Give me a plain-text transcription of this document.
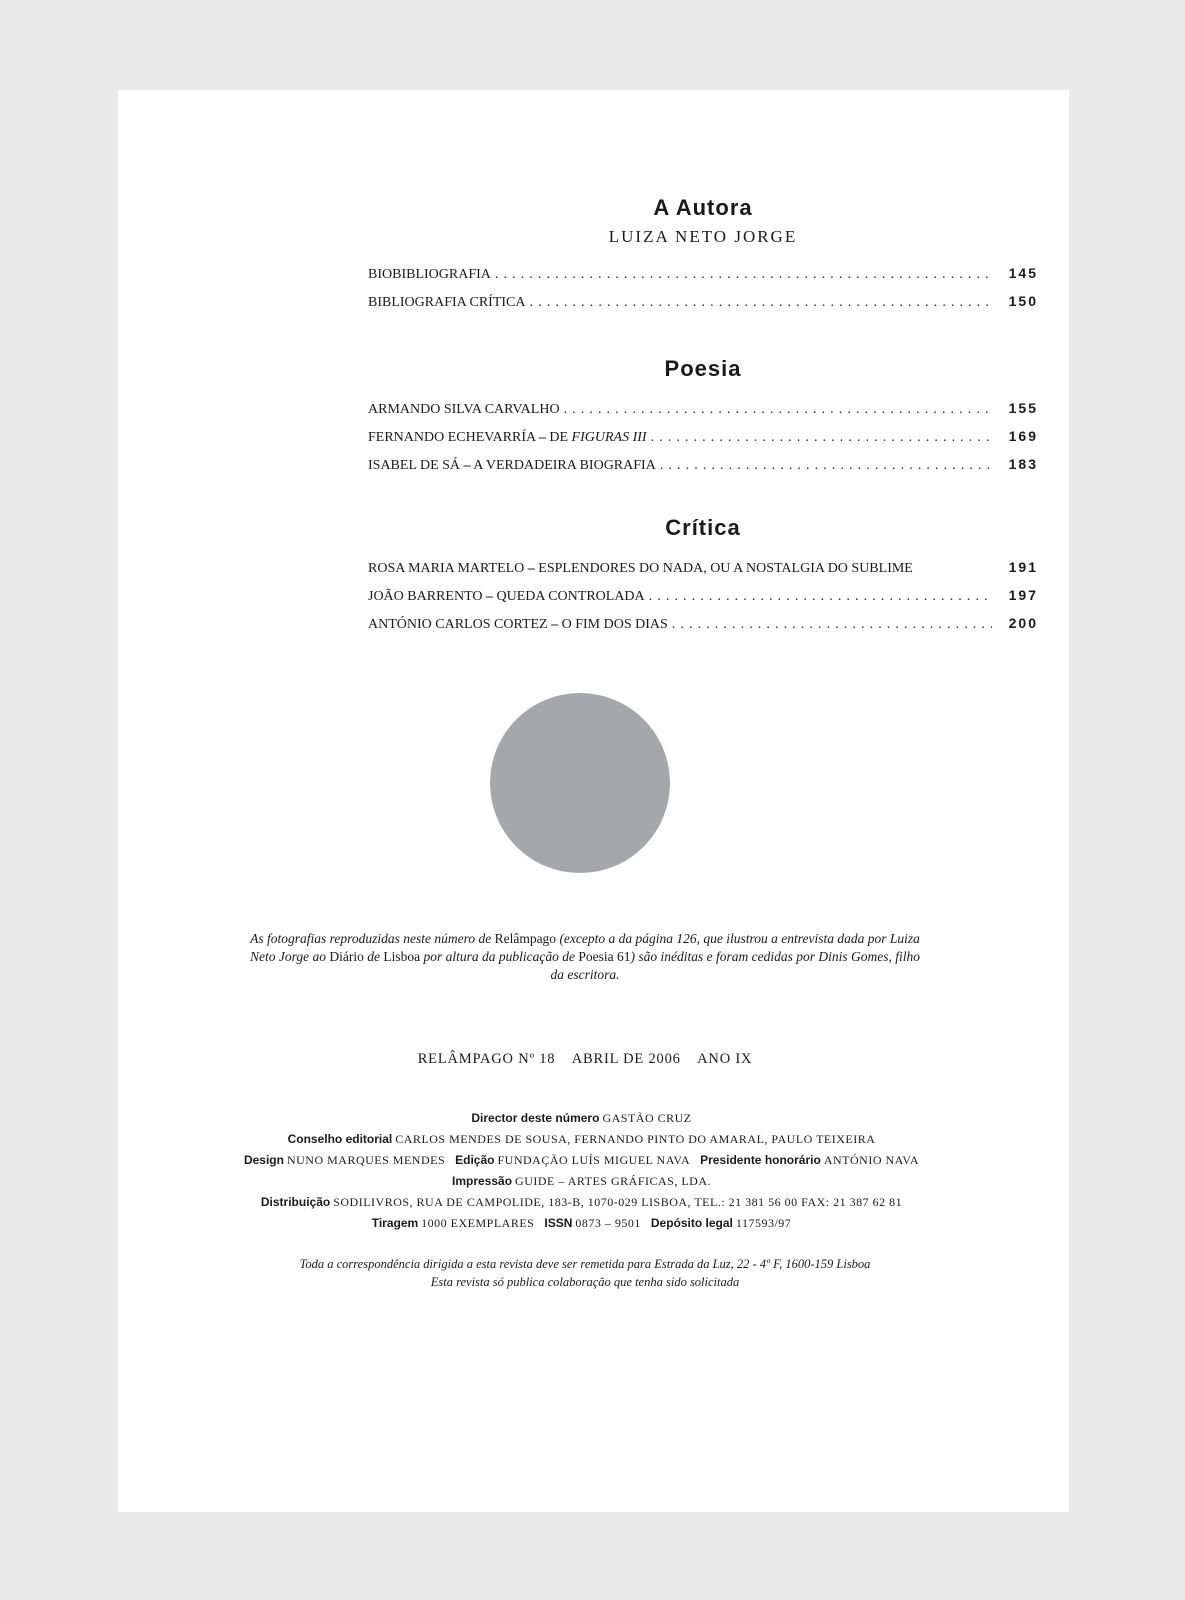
A Autora
LUIZA NETO JORGE
BIOBIBLIOGRAFIA . . .	145
BIBLIOGRAFIA CRÍTICA . . .	150
Poesia
ARMANDO SILVA CARVALHO . . .	155
FERNANDO ECHEVARRÍA – DE FIGURAS III . . .	169
ISABEL DE SÁ – A VERDADEIRA BIOGRAFIA . . .	183
Crítica
ROSA MARIA MARTELO – ESPLENDORES DO NADA, OU A NOSTALGIA DO SUBLIME	191
JOÃO BARRENTO – QUEDA CONTROLADA . . .	197
ANTÓNIO CARLOS CORTEZ – O FIM DOS DIAS . . .	200
As fotografias reproduzidas neste número de Relâmpago (excepto a da página 126, que ilustrou a entrevista dada por Luiza Neto Jorge ao Diário de Lisboa por altura da publicação de Poesia 61) são inéditas e foram cedidas por Dinis Gomes, filho da escritora.
RELÂMPAGO Nº 18 ABRIL DE 2006 ANO IX
Director deste número GASTÃO CRUZ
Conselho editorial CARLOS MENDES DE SOUSA, FERNANDO PINTO DO AMARAL, PAULO TEIXEIRA
Design NUNO MARQUES MENDES Edição FUNDAÇÃO LUÍS MIGUEL NAVA Presidente honorário ANTÓNIO NAVA
Impressão GUIDE – ARTES GRÁFICAS, LDA.
Distribuição SODILIVROS, RUA DE CAMPOLIDE, 183-B, 1070-029 LISBOA, TEL.: 21 381 56 00 FAX: 21 387 62 81
Tiragem 1000 EXEMPLARES ISSN 0873 – 9501 Depósito legal 117593/97
Toda a correspondência dirigida a esta revista deve ser remetida para Estrada da Luz, 22 - 4º F, 1600-159 Lisboa
Esta revista só publica colaboração que tenha sido solicitada
